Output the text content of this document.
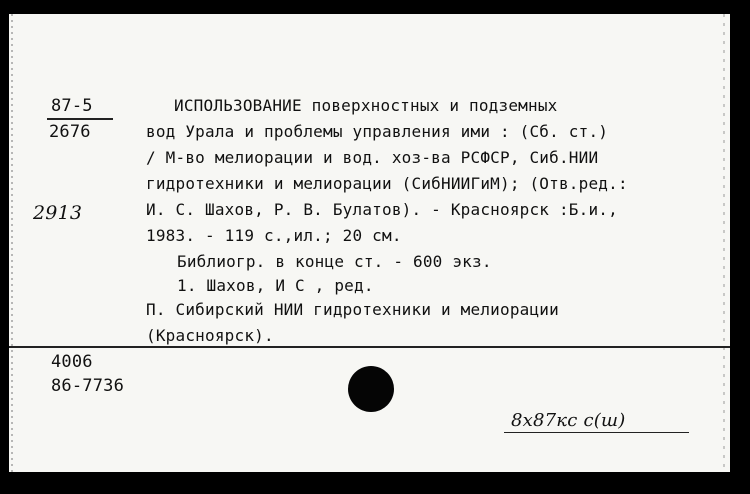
87-5
2676
2913
ИСПОЛЬЗОВАНИЕ поверхностных и подземных
вод Урала и проблемы управления ими : (Сб. ст.)
/ М-во мелиорации и вод. хоз-ва РСФСР, Сиб.НИИ
гидротехники и мелиорации (СибНИИГиМ); (Отв.ред.:
И. С. Шахов, Р. В. Булатов). - Красноярск :Б.и.,
1983. - 119 с.,ил.; 20 см.
Библиогр. в конце ст. - 600 экз.
1. Шахов, И С , ред.
П. Сибирский НИИ гидротехники и мелиорации
(Красноярск).
4006
86-7736
8х87кс с(ш)
